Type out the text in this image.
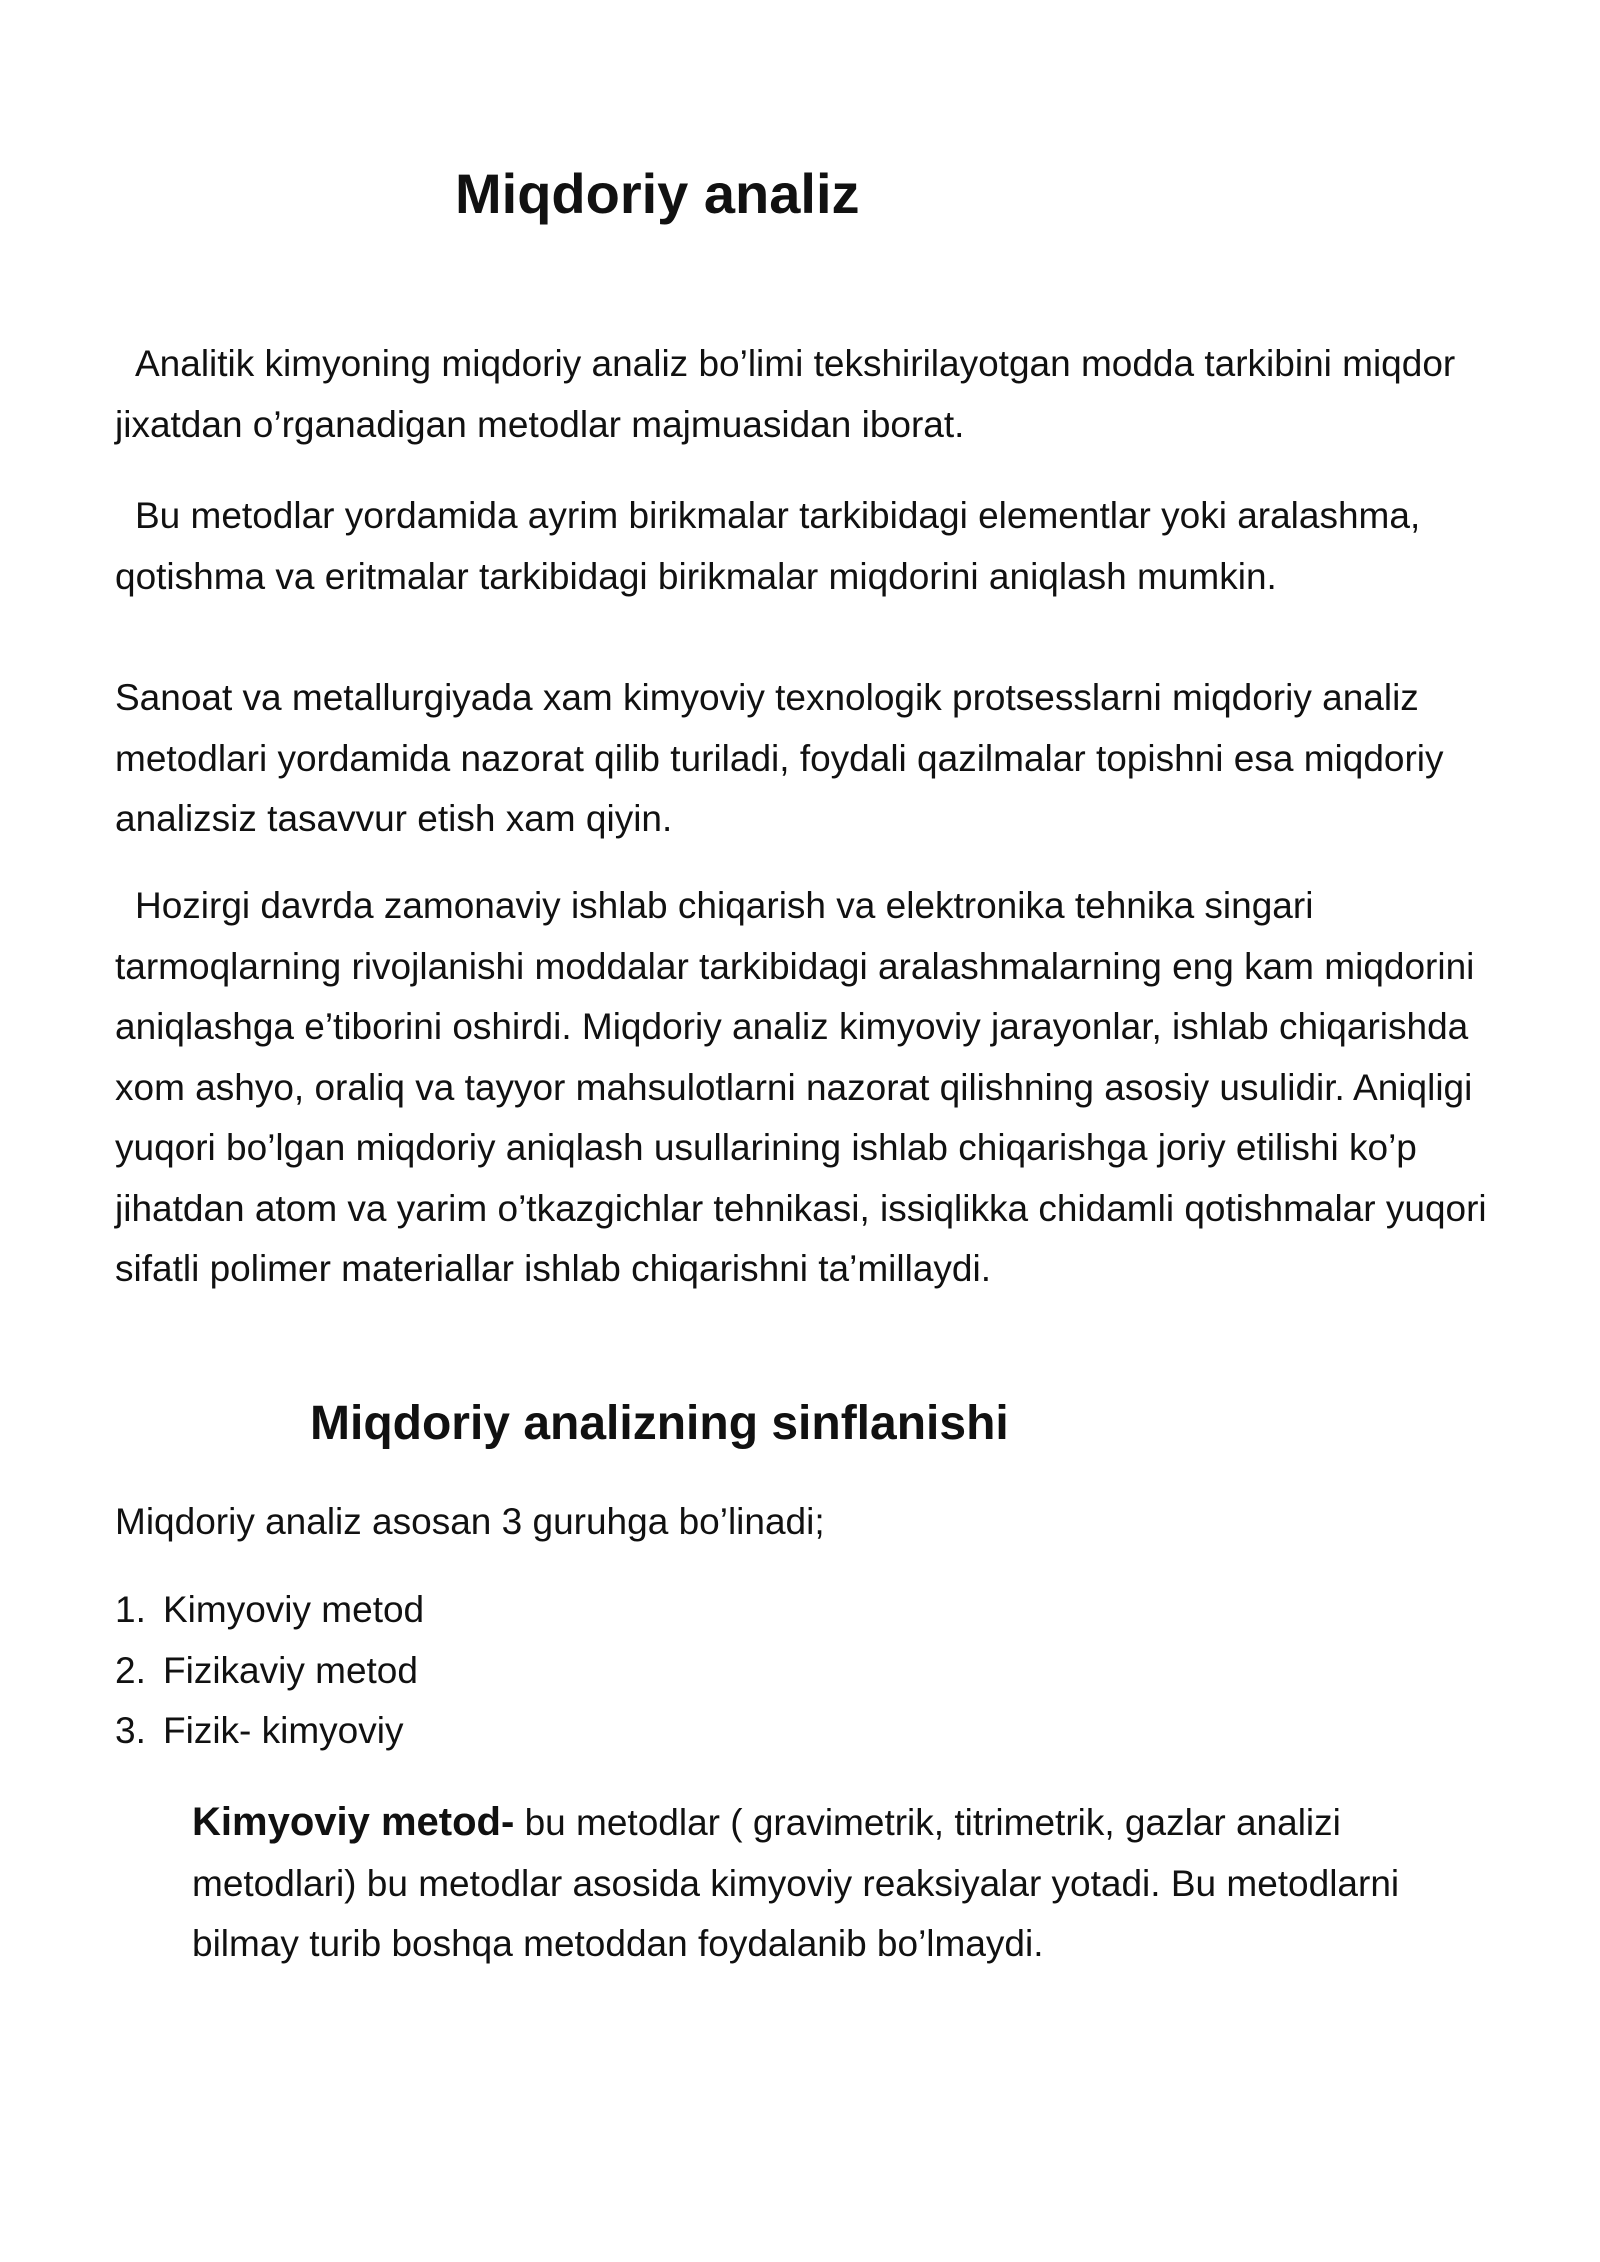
Miqdoriy analiz

Analitik kimyoning miqdoriy analiz bo’limi tekshirilayotgan modda tarkibini miqdor jixatdan o’rganadigan metodlar majmuasidan iborat.

Bu metodlar yordamida ayrim birikmalar tarkibidagi elementlar yoki aralashma, qotishma va eritmalar tarkibidagi birikmalar miqdorini aniqlash mumkin.

Sanoat va metallurgiyada xam kimyoviy texnologik protsesslarni miqdoriy analiz metodlari yordamida nazorat qilib turiladi, foydali qazilmalar topishni esa miqdoriy analizsiz tasavvur etish xam qiyin.

Hozirgi davrda zamonaviy ishlab chiqarish va elektronika tehnika singari tarmoqlarning rivojlanishi moddalar tarkibidagi aralashmalarning eng kam miqdorini aniqlashga e’tiborini oshirdi. Miqdoriy analiz kimyoviy jarayonlar, ishlab chiqarishda xom ashyo, oraliq va tayyor mahsulotlarni nazorat qilishning asosiy usulidir. Aniqligi yuqori bo’lgan miqdoriy aniqlash usullarining ishlab chiqarishga joriy etilishi ko’p jihatdan atom va yarim o’tkazgichlar tehnikasi, issiqlikka chidamli qotishmalar yuqori sifatli polimer materiallar ishlab chiqarishni ta’millaydi.

Miqdoriy analizning sinflanishi

Miqdoriy analiz asosan 3 guruhga bo’linadi;

1. Kimyoviy metod
2. Fizikaviy metod
3. Fizik- kimyoviy

Kimyoviy metod- bu metodlar ( gravimetrik, titrimetrik, gazlar analizi metodlari) bu metodlar asosida kimyoviy reaksiyalar yotadi. Bu metodlarni bilmay turib boshqa metoddan foydalanib bo’lmaydi.
